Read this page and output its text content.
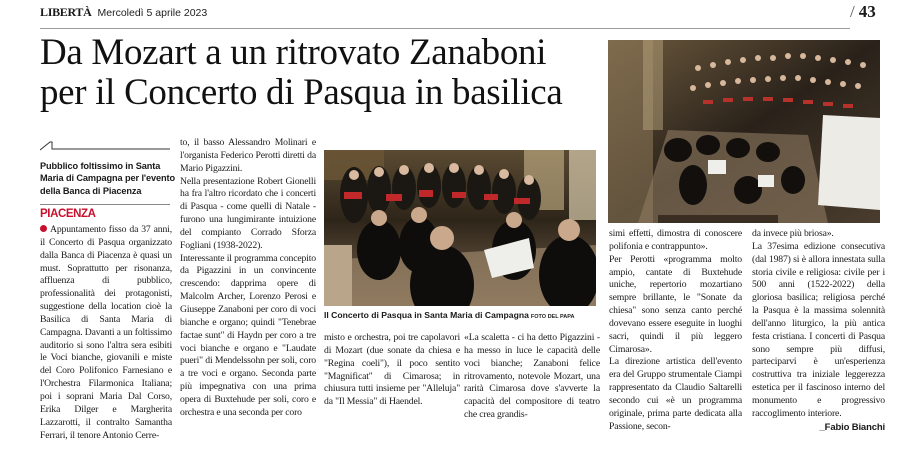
LIBERTÀ Mercoledì 5 aprile 2023	/ 43
Da Mozart a un ritrovato Zanaboni
per il Concerto di Pasqua in basilica
Pubblico foltissimo in Santa Maria di Campagna per l'evento della Banca di Piacenza
PIACENZA

Appuntamento fisso da 37 anni, il Concerto di Pasqua organizzato dalla Banca di Piacenza è quasi un must. Soprattutto per risonanza, affluenza di pubblico, professionalità dei protagonisti, suggestione della location cioè la Basilica di Santa Maria di Campagna. Davanti a un foltissimo auditorio si sono l'altra sera esibiti le Voci bianche, giovanili e miste del Coro Polifonico Farnesiano e l'Orchestra Filarmonica Italiana; poi i soprani Maria Dal Corso, Erika Dilger e Margherita Lazzarotti, il contralto Samantha Ferrari, il tenore Antonio Cerre-

to, il basso Alessandro Molinari e l'organista Federico Perotti diretti da Mario Pigazzini.

Nella presentazione Robert Gionelli ha fra l'altro ricordato che i concerti di Pasqua - come quelli di Natale - furono una lungimirante intuizione del compianto Corrado Sforza Fogliani (1938-2022).

Interessante il programma concepito da Pigazzini in un convincente crescendo: dapprima opere di Malcolm Archer, Lorenzo Perosi e Giuseppe Zanaboni per coro di voci bianche e organo; quindi "Tenebrae factae sunt" di Haydn per coro a tre voci bianche e organo e "Laudate pueri" di Mendelssohn per soli, coro a tre voci e organo. Seconda parte più impegnativa con una prima opera di Buxtehude per soli, coro e orchestra e una seconda per coro

Il Concerto di Pasqua in Santa Maria di Campagna FOTO DEL PAPA

misto e orchestra, poi tre capolavori di Mozart (due sonate da chiesa e "Regina coeli"), il poco sentito "Magnificat" di Cimarosa; in chiusura tutti insieme per "Alleluja" da "Il Messia" di Haendel.

«La scaletta - ci ha detto Pigazzini - ha messo in luce le capacità delle voci bianche; Zanaboni felice ritrovamento, notevole Mozart, una rarità Cimarosa dove s'avverte la capacità del compositore di teatro che crea grandis-

simi effetti, dimostra di conoscere polifonia e contrappunto».

Per Perotti «programma molto ampio, cantate di Buxtehude uniche, repertorio mozartiano sempre brillante, le "Sonate da chiesa" sono senza canto perché dovevano essere eseguite in luoghi sacri, quindi il più leggero Cimarosa».

La direzione artistica dell'evento era del Gruppo strumentale Ciampi rappresentato da Claudio Saltarelli secondo cui «è un programma originale, prima parte dedicata alla Passione, secon-

da invece più briosa».

La 37esima edizione consecutiva (dal 1987) si è allora innestata sulla storia civile e religiosa: civile per i 500 anni (1522-2022) della gloriosa basilica; religiosa perché la Pasqua è la massima solennità dell'anno liturgico, la più antica festa cristiana. I concerti di Pasqua sono sempre più diffusi, parteciparvi è un'esperienza costruttiva tra iniziale leggerezza estetica per il fascinoso interno del monumento e progressivo raccoglimento interiore.

_Fabio Bianchi
